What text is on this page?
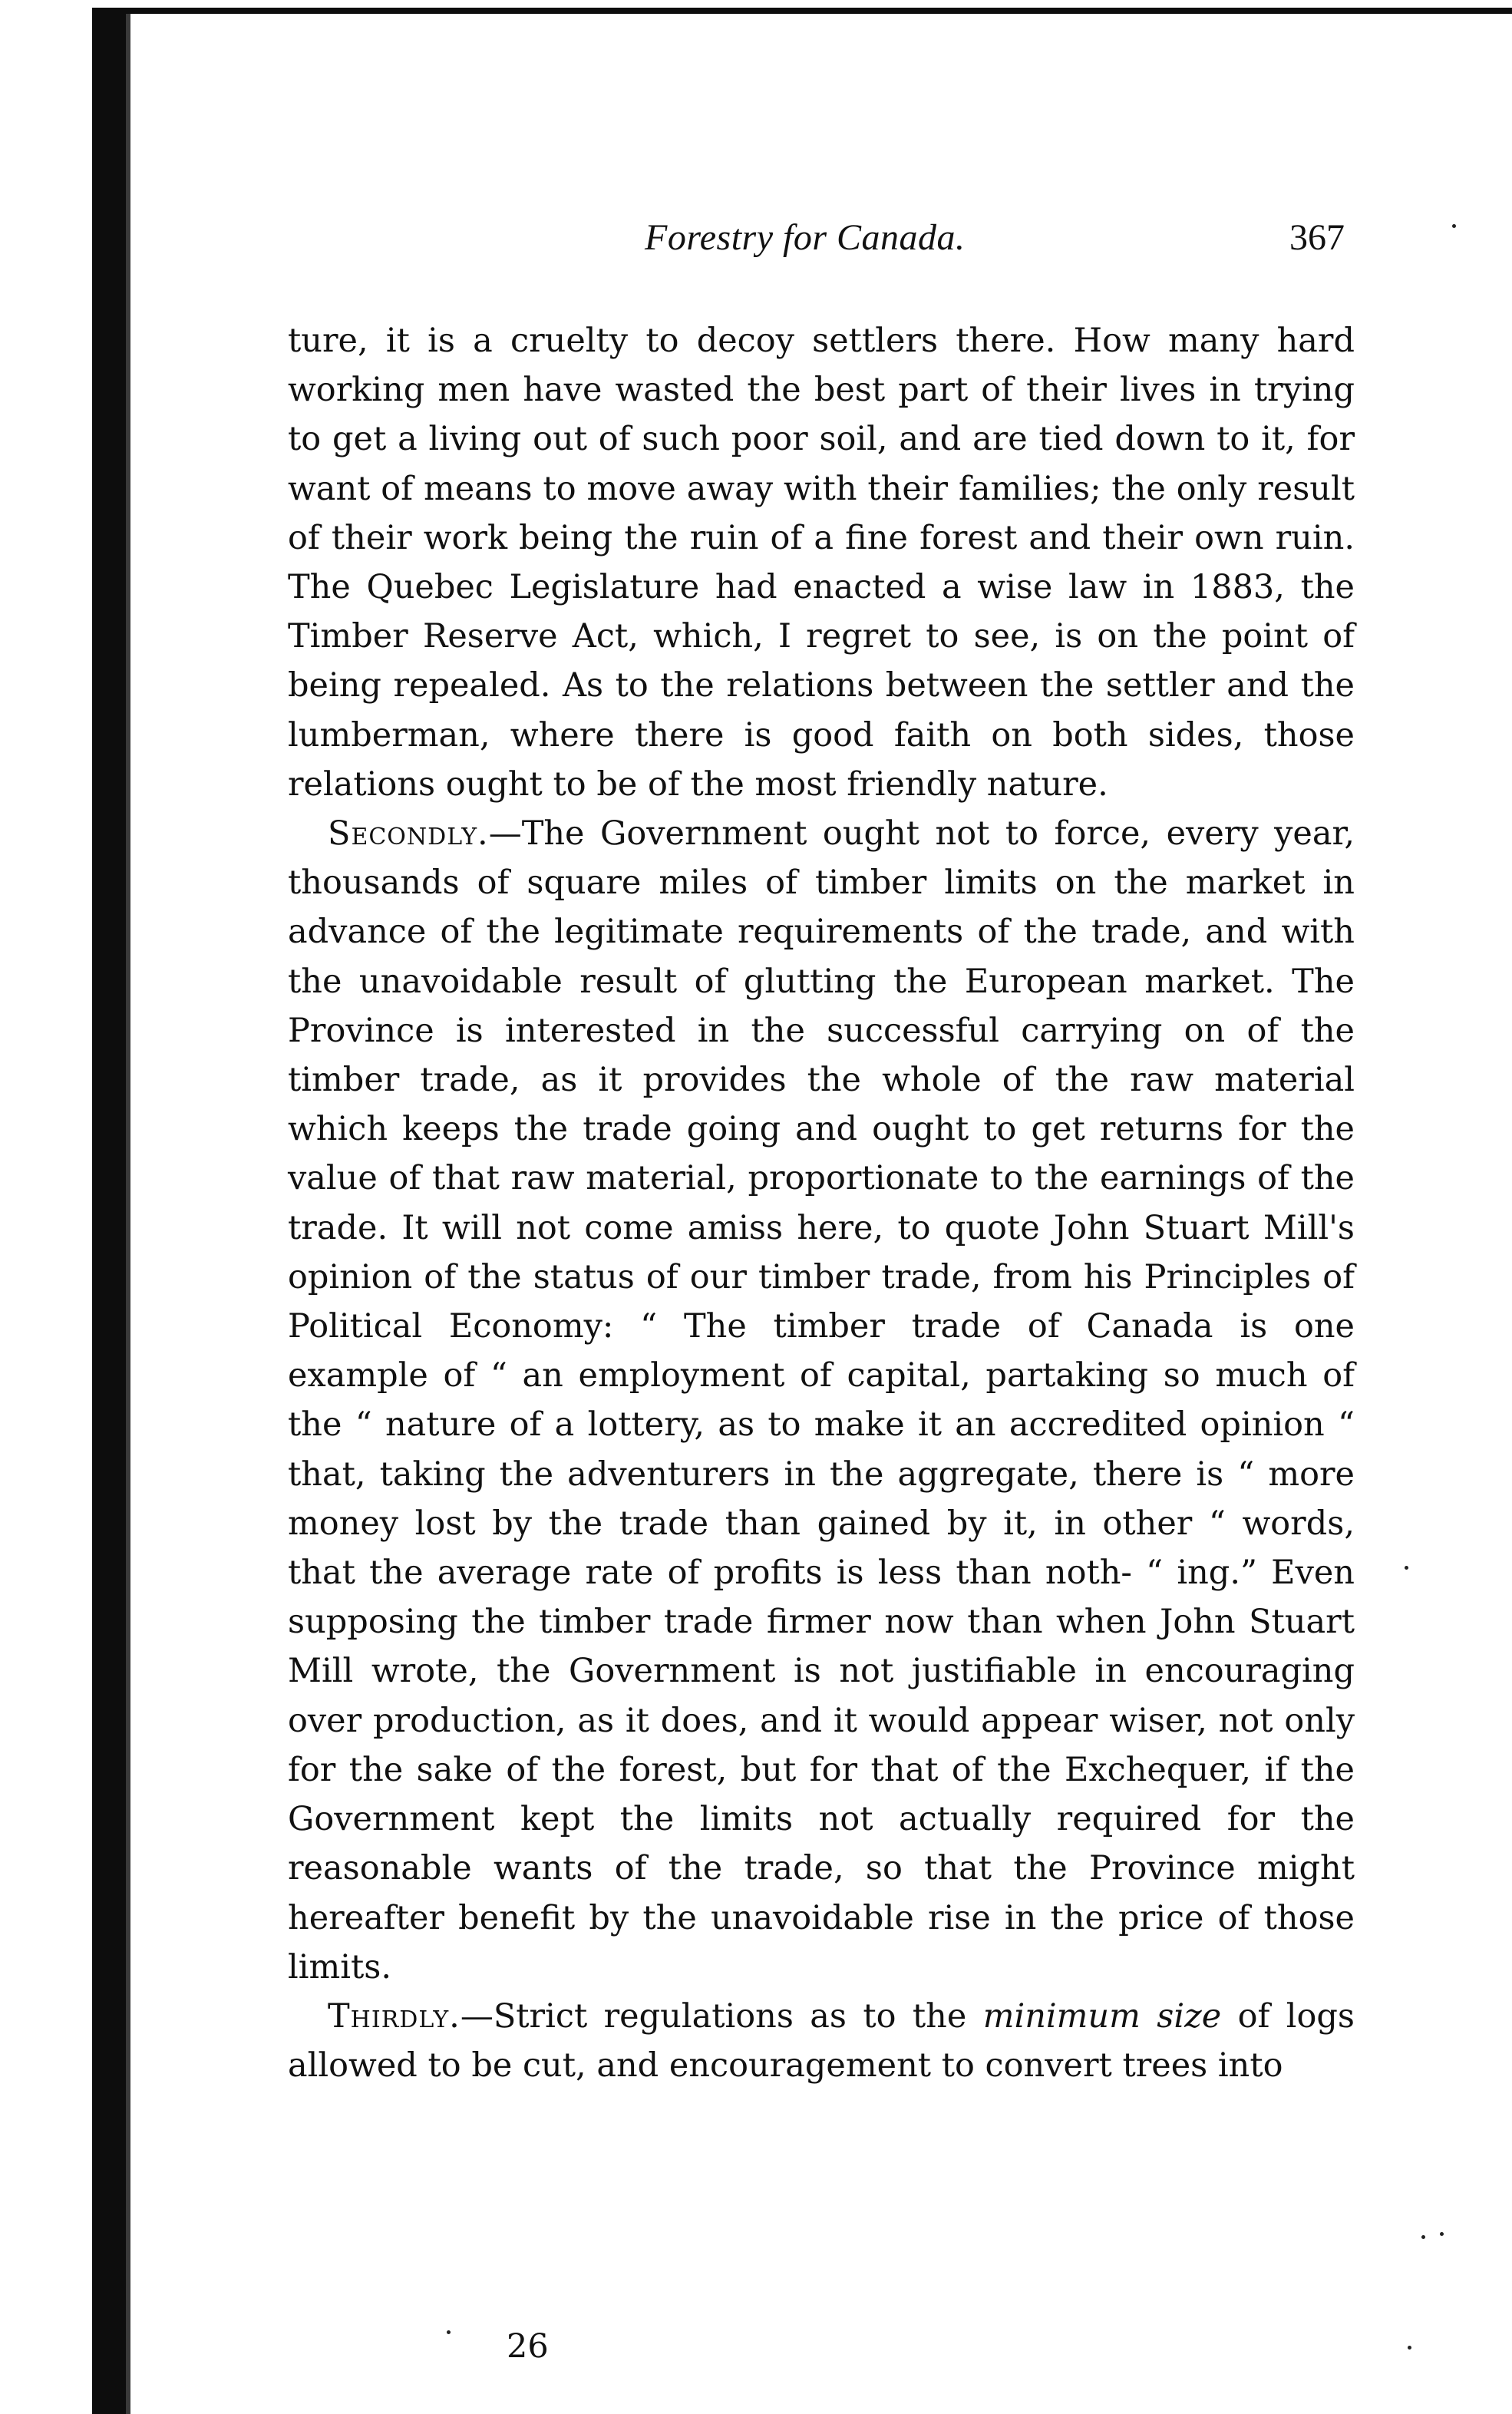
Forestry for Canada.	367

ture, it is a cruelty to decoy settlers there. How many hard working men have wasted the best part of their lives in trying to get a living out of such poor soil, and are tied down to it, for want of means to move away with their families; the only result of their work being the ruin of a fine forest and their own ruin. The Quebec Legislature had enacted a wise law in 1883, the Timber Reserve Act, which, I regret to see, is on the point of being repealed. As to the relations between the settler and the lumberman, where there is good faith on both sides, those relations ought to be of the most friendly nature.

Secondly.—The Government ought not to force, every year, thousands of square miles of timber limits on the market in advance of the legitimate requirements of the trade, and with the unavoidable result of glutting the European market. The Province is interested in the successful carrying on of the timber trade, as it provides the whole of the raw material which keeps the trade going and ought to get returns for the value of that raw material, proportionate to the earnings of the trade. It will not come amiss here, to quote John Stuart Mill's opinion of the status of our timber trade, from his Principles of Political Economy: “ The timber trade of Canada is one example of “ an employment of capital, partaking so much of the “ nature of a lottery, as to make it an accredited opinion “ that, taking the adventurers in the aggregate, there is “ more money lost by the trade than gained by it, in other “ words, that the average rate of profits is less than noth- “ ing.” Even supposing the timber trade firmer now than when John Stuart Mill wrote, the Government is not justifiable in encouraging over production, as it does, and it would appear wiser, not only for the sake of the forest, but for that of the Exchequer, if the Government kept the limits not actually required for the reasonable wants of the trade, so that the Province might hereafter benefit by the unavoidable rise in the price of those limits.

Thirdly.—Strict regulations as to the minimum size of logs allowed to be cut, and encouragement to convert trees into

26
